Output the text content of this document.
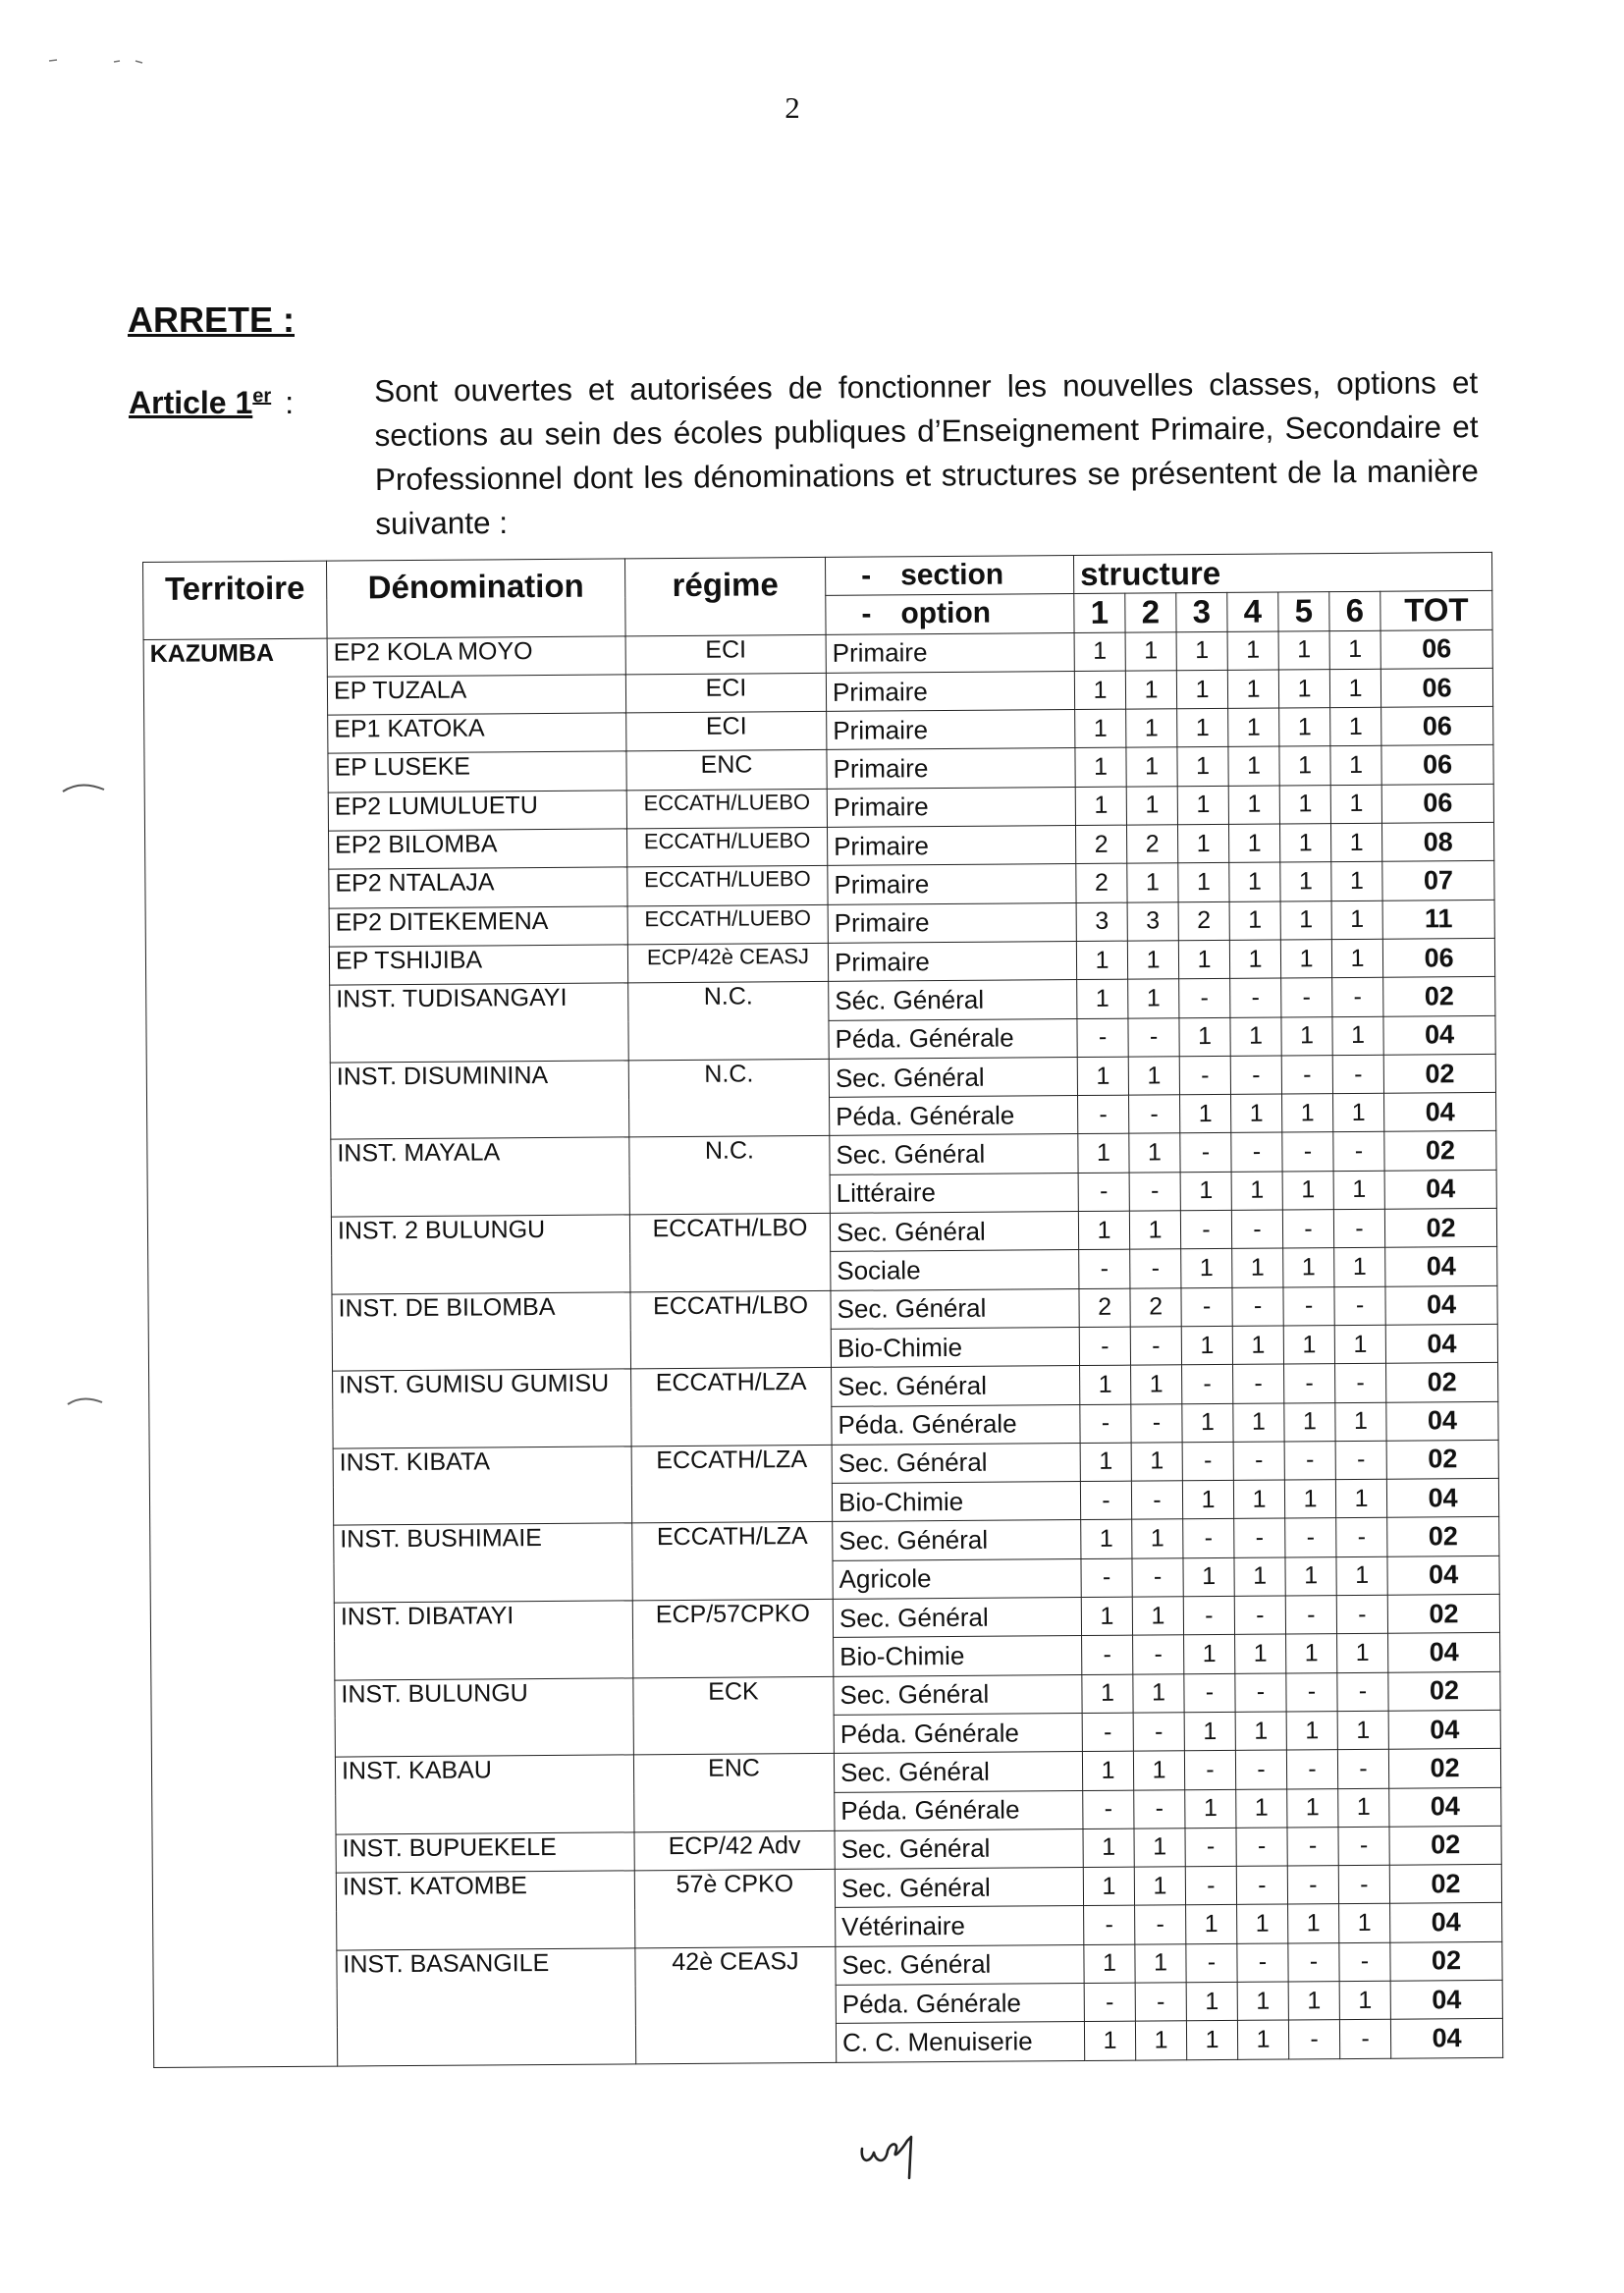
2
ARRETE :
Article 1er :	Sont ouvertes et autorisées de fonctionner les nouvelles classes, options et sections au sein des écoles publiques d’Enseignement Primaire, Secondaire et Professionnel dont les dénominations et structures se présentent de la manière suivante :
Territoire	Dénomination	régime	- section	structure						
			- option	1	2	3	4	5	6	TOT
KAZUMBA	EP2 KOLA MOYO	ECI	Primaire	1	1	1	1	1	1	06
	EP TUZALA	ECI	Primaire	1	1	1	1	1	1	06
	EP1 KATOKA	ECI	Primaire	1	1	1	1	1	1	06
	EP LUSEKE	ENC	Primaire	1	1	1	1	1	1	06
	EP2 LUMULUETU	ECCATH/LUEBO	Primaire	1	1	1	1	1	1	06
	EP2 BILOMBA	ECCATH/LUEBO	Primaire	2	2	1	1	1	1	08
	EP2 NTALAJA	ECCATH/LUEBO	Primaire	2	1	1	1	1	1	07
	EP2 DITEKEMENA	ECCATH/LUEBO	Primaire	3	3	2	1	1	1	11
	EP TSHIJIBA	ECP/42è CEASJ	Primaire	1	1	1	1	1	1	06
	INST. TUDISANGAYI	N.C.	Séc. Général	1	1	-	-	-	-	02
			Péda. Générale	-	-	1	1	1	1	04
	INST. DISUMININA	N.C.	Sec. Général	1	1	-	-	-	-	02
			Péda. Générale	-	-	1	1	1	1	04
	INST. MAYALA	N.C.	Sec. Général	1	1	-	-	-	-	02
			Littéraire	-	-	1	1	1	1	04
	INST. 2 BULUNGU	ECCATH/LBO	Sec. Général	1	1	-	-	-	-	02
			Sociale	-	-	1	1	1	1	04
	INST. DE BILOMBA	ECCATH/LBO	Sec. Général	2	2	-	-	-	-	04
			Bio-Chimie	-	-	1	1	1	1	04
	INST. GUMISU GUMISU	ECCATH/LZA	Sec. Général	1	1	-	-	-	-	02
			Péda. Générale	-	-	1	1	1	1	04
	INST. KIBATA	ECCATH/LZA	Sec. Général	1	1	-	-	-	-	02
			Bio-Chimie	-	-	1	1	1	1	04
	INST. BUSHIMAIE	ECCATH/LZA	Sec. Général	1	1	-	-	-	-	02
			Agricole	-	-	1	1	1	1	04
	INST. DIBATAYI	ECP/57CPKO	Sec. Général	1	1	-	-	-	-	02
			Bio-Chimie	-	-	1	1	1	1	04
	INST. BULUNGU	ECK	Sec. Général	1	1	-	-	-	-	02
			Péda. Générale	-	-	1	1	1	1	04
	INST. KABAU	ENC	Sec. Général	1	1	-	-	-	-	02
			Péda. Générale	-	-	1	1	1	1	04
	INST. BUPUEKELE	ECP/42 Adv	Sec. Général	1	1	-	-	-	-	02
	INST. KATOMBE	57è CPKO	Sec. Général	1	1	-	-	-	-	02
			Vétérinaire	-	-	1	1	1	1	04
	INST. BASANGILE	42è CEASJ	Sec. Général	1	1	-	-	-	-	02
			Péda. Générale	-	-	1	1	1	1	04
			C. C. Menuiserie	1	1	1	1	-	-	04
